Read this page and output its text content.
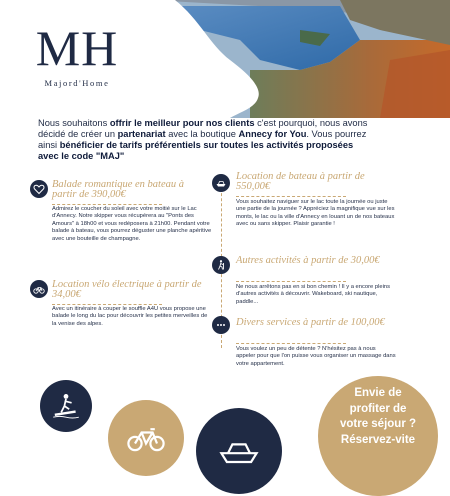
MH
Majord'Home
Nous souhaitons offrir le meilleur pour nos clients c'est pourquoi, nous avons décidé de créer un partenariat avec la boutique Annecy for You. Vous pourrez ainsi bénéficier de tarifs préférentiels sur toutes les activités proposées avec le code "MAJ"
Balade romantique en bateau à partir de 390,00€
Admirez le coucher du soleil avec votre moitié sur le Lac d'Annecy. Notre skipper vous récupérera au "Ponts des Amours" à 18h00 et vous redéposera à 21h00. Pendant votre balade à bateau, vous pourrez déguster une planche apéritive avec une bouteille de champagne.
Location vélo électrique à partir de 34,00€
Avec un itinéraire à couper le souffle A4U vous propose une balade le long du lac pour découvrir les petites merveilles de la venise des alpes.
Location de bateau à partir de 550,00€
Vous souhaitez naviguer sur le lac toute la journée ou juste une partie de la journée ? Appréciez la magnifique vue sur les monts, le lac ou la ville d'Annecy en louant un de nos bateaux avec ou sans skipper. Plaisir garantie !
Autres activités à partir de 30,00€
Ne nous arrêtons pas en si bon chemin ! Il y a encore pleins d'autres activités à découvrir. Wakeboard, ski nautique, paddle...
Divers services à partir de 100,00€
Vous voulez un peu de détente ? N'hésitez pas à nous appeler pour que l'on puisse vous organiser un massage dans votre appartement.
Envie de
profiter de
votre séjour ?
Réservez-vite
